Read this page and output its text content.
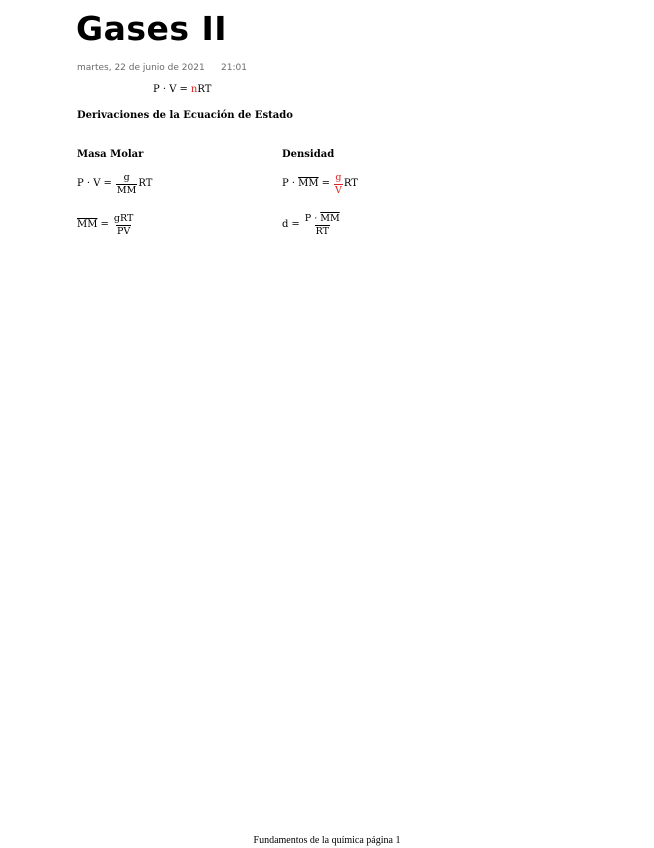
Gases II
martes, 22 de junio de 2021 21:01
P · V = n RT
Derivaciones de la Ecuación de Estado
Masa Molar
$P \cdot V = \frac{g}{MM}$ RT
$\overline{MM} = \frac{\text{gRT}}{PV}$
Densidad
$P \cdot \overline{MM} = \frac{g}{V}$ RT
$d = \frac{P \cdot \overline{MM}}{RT}$
Fundamentos de la química página 1
